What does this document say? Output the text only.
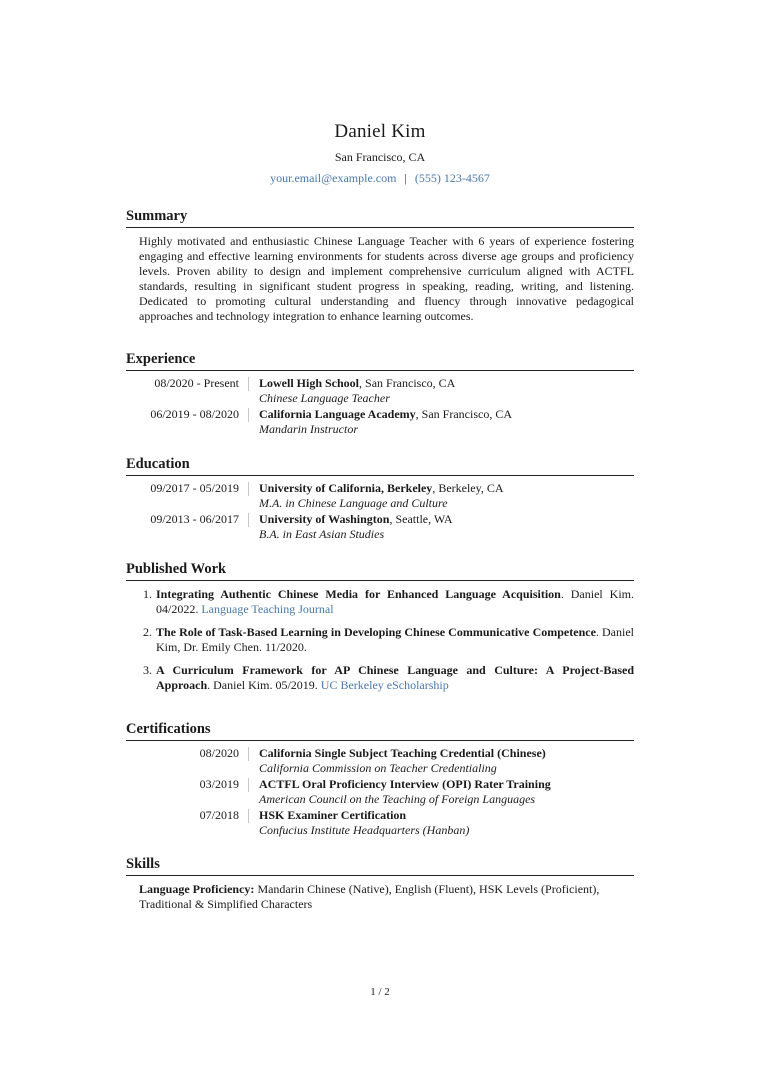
Daniel Kim
San Francisco, CA
your.email@example.com | (555) 123-4567
Summary

Highly motivated and enthusiastic Chinese Language Teacher with 6 years of experience fostering engaging and effective learning environments for students across diverse age groups and proficiency levels. Proven ability to design and implement comprehensive curriculum aligned with ACTFL standards, resulting in significant student progress in speaking, reading, writing, and listening. Dedicated to promoting cultural understanding and fluency through innovative pedagogical approaches and technology integration to enhance learning outcomes.

Experience
08/2020 - Present	Lowell High School, San Francisco, CA
Chinese Language Teacher
06/2019 - 08/2020	California Language Academy, San Francisco, CA
Mandarin Instructor
Education
09/2017 - 05/2019	University of California, Berkeley, Berkeley, CA
M.A. in Chinese Language and Culture
09/2013 - 06/2017	University of Washington, Seattle, WA
B.A. in East Asian Studies
Published Work
1. Integrating Authentic Chinese Media for Enhanced Language Acquisition. Daniel Kim. 04/2022. Language Teaching Journal
2. The Role of Task-Based Learning in Developing Chinese Communicative Competence. Daniel Kim, Dr. Emily Chen. 11/2020.
3. A Curriculum Framework for AP Chinese Language and Culture: A Project-Based Approach. Daniel Kim. 05/2019. UC Berkeley eScholarship
Certifications
08/2020	California Single Subject Teaching Credential (Chinese)
California Commission on Teacher Credentialing
03/2019	ACTFL Oral Proficiency Interview (OPI) Rater Training
American Council on the Teaching of Foreign Languages
07/2018	HSK Examiner Certification
Confucius Institute Headquarters (Hanban)
Skills

Language Proficiency: Mandarin Chinese (Native), English (Fluent), HSK Levels (Proficient), Traditional & Simplified Characters

1 / 2
